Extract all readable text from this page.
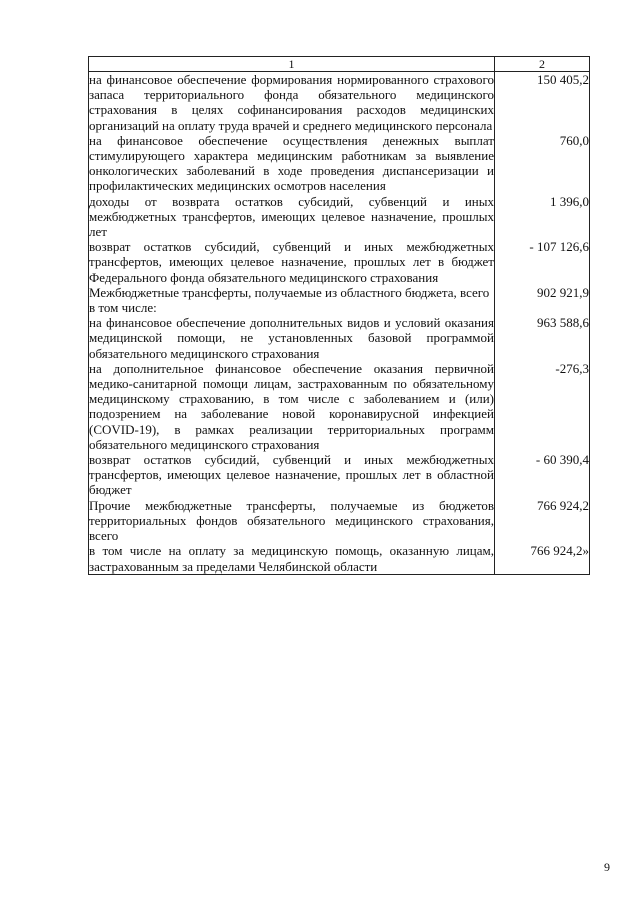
1	2
на финансовое обеспечение формирования нормированного страхового запаса территориального фонда обязательного медицинского страхования в целях софинансирования расходов медицинских организаций на оплату труда врачей и среднего медицинского персонала	150 405,2
на финансовое обеспечение осуществления денежных выплат стимулирующего характера медицинским работникам за выявление онкологических заболеваний в ходе проведения диспансеризации и профилактических медицинских осмотров населения	760,0
доходы от возврата остатков субсидий, субвенций и иных межбюджетных трансфертов, имеющих целевое назначение, прошлых лет	1 396,0
возврат остатков субсидий, субвенций и иных межбюджетных трансфертов, имеющих целевое назначение, прошлых лет в бюджет Федерального фонда обязательного медицинского страхования	- 107 126,6
Межбюджетные трансферты, получаемые из областного бюджета, всего	902 921,9
в том числе:	
на финансовое обеспечение дополнительных видов и условий оказания медицинской помощи, не установленных базовой программой обязательного медицинского страхования	963 588,6
на дополнительное финансовое обеспечение оказания первичной медико-санитарной помощи лицам, застрахованным по обязательному медицинскому страхованию, в том числе с заболеванием и (или) подозрением на заболевание новой коронавирусной инфекцией (COVID-19), в рамках реализации территориальных программ обязательного медицинского страхования	-276,3
возврат остатков субсидий, субвенций и иных межбюджетных трансфертов, имеющих целевое назначение, прошлых лет в областной бюджет	- 60 390,4
Прочие межбюджетные трансферты, получаемые из бюджетов территориальных фондов обязательного медицинского страхования, всего	766 924,2
в том числе на оплату за медицинскую помощь, оказанную лицам, застрахованным за пределами Челябинской области	766 924,2»
9
